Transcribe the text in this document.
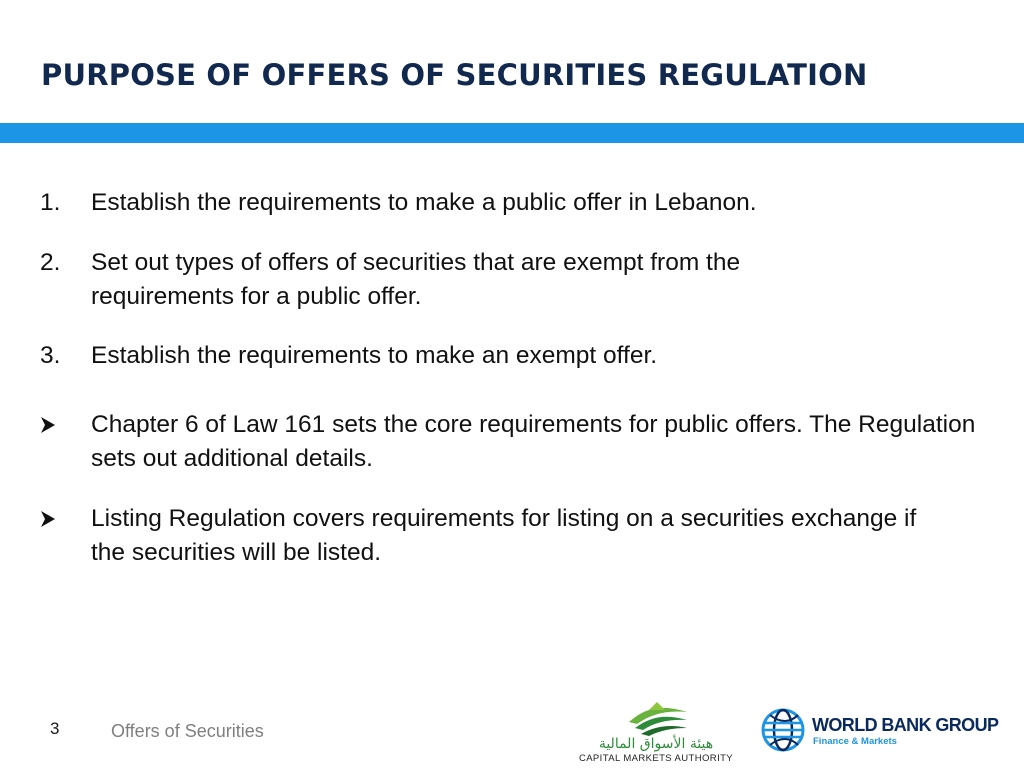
PURPOSE OF OFFERS OF SECURITIES REGULATION
1. Establish the requirements to make a public offer in Lebanon.
2. Set out types of offers of securities that are exempt from the requirements for a public offer.
3. Establish the requirements to make an exempt offer.
Chapter 6 of Law 161 sets the core requirements for public offers. The Regulation sets out additional details.
Listing Regulation covers requirements for listing on a securities exchange if the securities will be listed.
3	Offers of Securities
هيئة الأسواق المالية
CAPITAL MARKETS AUTHORITY
WORLD BANK GROUP
Finance & Markets
